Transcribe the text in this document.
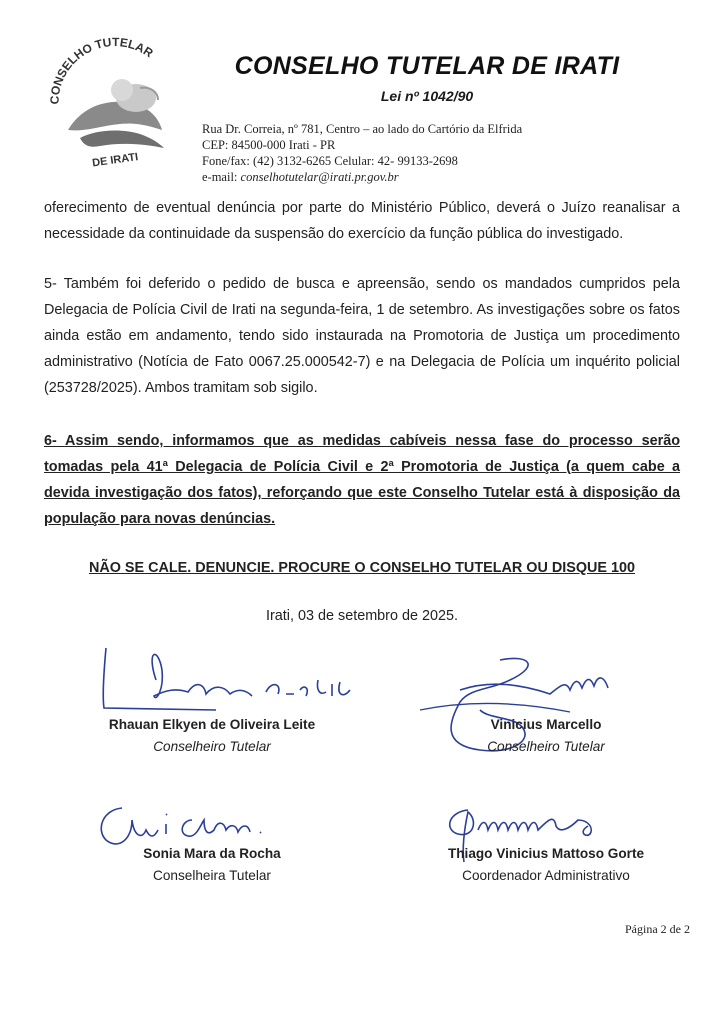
CONSELHO TUTELAR
DE IRATI
CONSELHO TUTELAR DE IRATI
Lei nº 1042/90
Rua Dr. Correia, nº 781, Centro – ao lado do Cartório da Elfrida
CEP: 84500-000 Irati - PR
Fone/fax: (42) 3132-6265 Celular: 42- 99133-2698
e-mail: conselhotutelar@irati.pr.gov.br
oferecimento de eventual denúncia por parte do Ministério Público, deverá o Juízo reanalisar a necessidade da continuidade da suspensão do exercício da função pública do investigado.
5- Também foi deferido o pedido de busca e apreensão, sendo os mandados cumpridos pela Delegacia de Polícia Civil de Irati na segunda-feira, 1 de setembro. As investigações sobre os fatos ainda estão em andamento, tendo sido instaurada na Promotoria de Justiça um procedimento administrativo (Notícia de Fato 0067.25.000542-7) e na Delegacia de Polícia um inquérito policial (253728/2025). Ambos tramitam sob sigilo.
6- Assim sendo, informamos que as medidas cabíveis nessa fase do processo serão tomadas pela 41ª Delegacia de Polícia Civil e 2ª Promotoria de Justiça (a quem cabe a devida investigação dos fatos), reforçando que este Conselho Tutelar está à disposição da população para novas denúncias.
NÃO SE CALE. DENUNCIE. PROCURE O CONSELHO TUTELAR OU DISQUE 100
Irati, 03 de setembro de 2025.
Rhauan Elkyen de Oliveira Leite
Conselheiro Tutelar
Vinicius Marcello
Conselheiro Tutelar
Sonia Mara da Rocha
Conselheira Tutelar
Thiago Vinicius Mattoso Gorte
Coordenador Administrativo
Página 2 de 2
